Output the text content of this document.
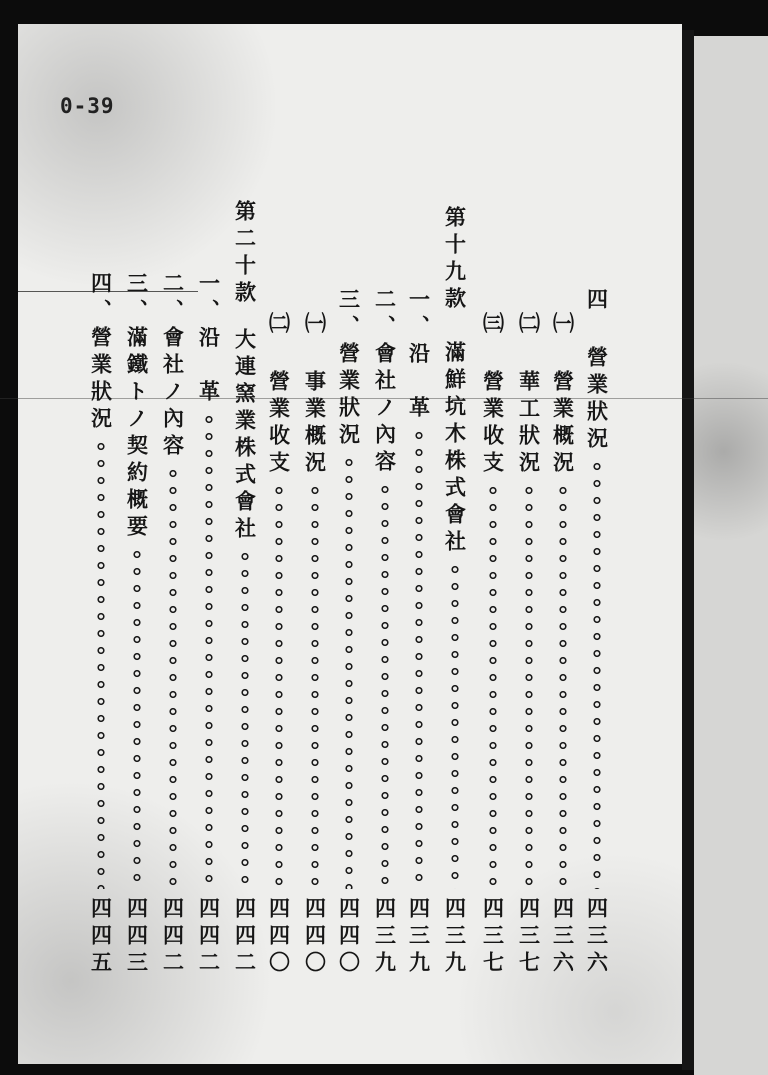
0-39
四 營業狀況
四三六
㈠ 營業概況
四三六
㈡ 華工狀況
四三七
㈢ 營業收支
四三七
第十九款　滿鮮坑木株式會社
四三九
一、沿　革
四三九
二、會社ノ內容
四三九
三、營業狀況
四四〇
㈠ 事業概況
四四〇
㈡ 營業收支
四四〇
第二十款
大連窯業株式會社
四四二
一、沿　革
四四二
二、會社ノ內容
四四二
三、滿鐵トノ契約概要
四四三
四、營業狀況
四四五
